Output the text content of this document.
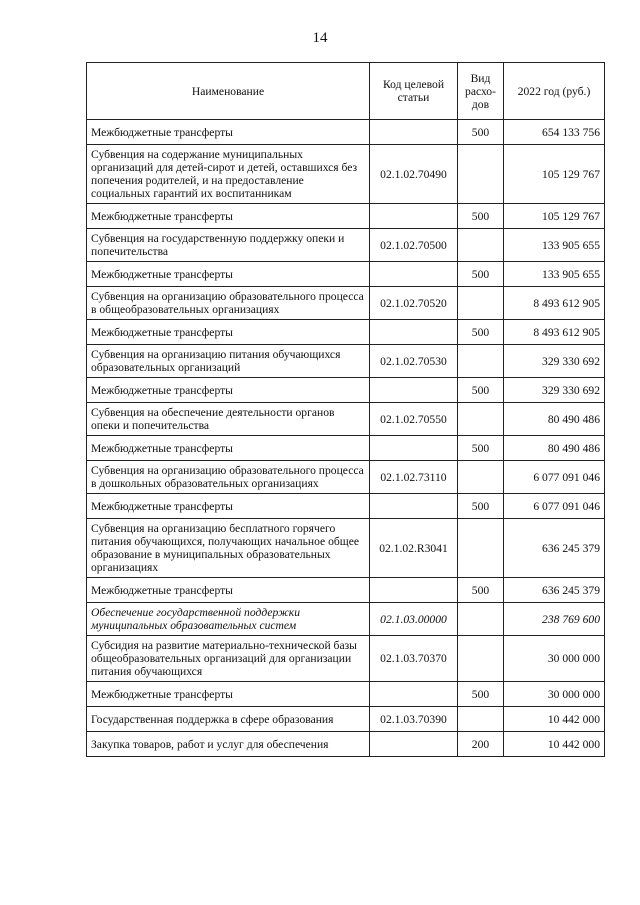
14
Наименование	Код целевой статьи	Вид расхо-дов	2022 год (руб.)
Межбюджетные трансферты		500	654 133 756
Субвенция на содержание муниципальных организаций для детей-сирот и детей, оставшихся без попечения родителей, и на предоставление социальных гарантий их воспитанникам	02.1.02.70490		105 129 767
Межбюджетные трансферты		500	105 129 767
Субвенция на государственную поддержку опеки и попечительства	02.1.02.70500		133 905 655
Межбюджетные трансферты		500	133 905 655
Субвенция на организацию образовательного процесса в общеобразовательных организациях	02.1.02.70520		8 493 612 905
Межбюджетные трансферты		500	8 493 612 905
Субвенция на организацию питания обучающихся образовательных организаций	02.1.02.70530		329 330 692
Межбюджетные трансферты		500	329 330 692
Субвенция на обеспечение деятельности органов опеки и попечительства	02.1.02.70550		80 490 486
Межбюджетные трансферты		500	80 490 486
Субвенция на организацию образовательного процесса в дошкольных образовательных организациях	02.1.02.73110		6 077 091 046
Межбюджетные трансферты		500	6 077 091 046
Субвенция на организацию бесплатного горячего питания обучающихся, получающих начальное общее образование в муниципальных образовательных организациях	02.1.02.R3041		636 245 379
Межбюджетные трансферты		500	636 245 379
Обеспечение государственной поддержки муниципальных образовательных систем	02.1.03.00000		238 769 600
Субсидия на развитие материально-технической базы общеобразовательных организаций для организации питания обучающихся	02.1.03.70370		30 000 000
Межбюджетные трансферты		500	30 000 000
Государственная поддержка в сфере образования	02.1.03.70390		10 442 000
Закупка товаров, работ и услуг для обеспечения		200	10 442 000
